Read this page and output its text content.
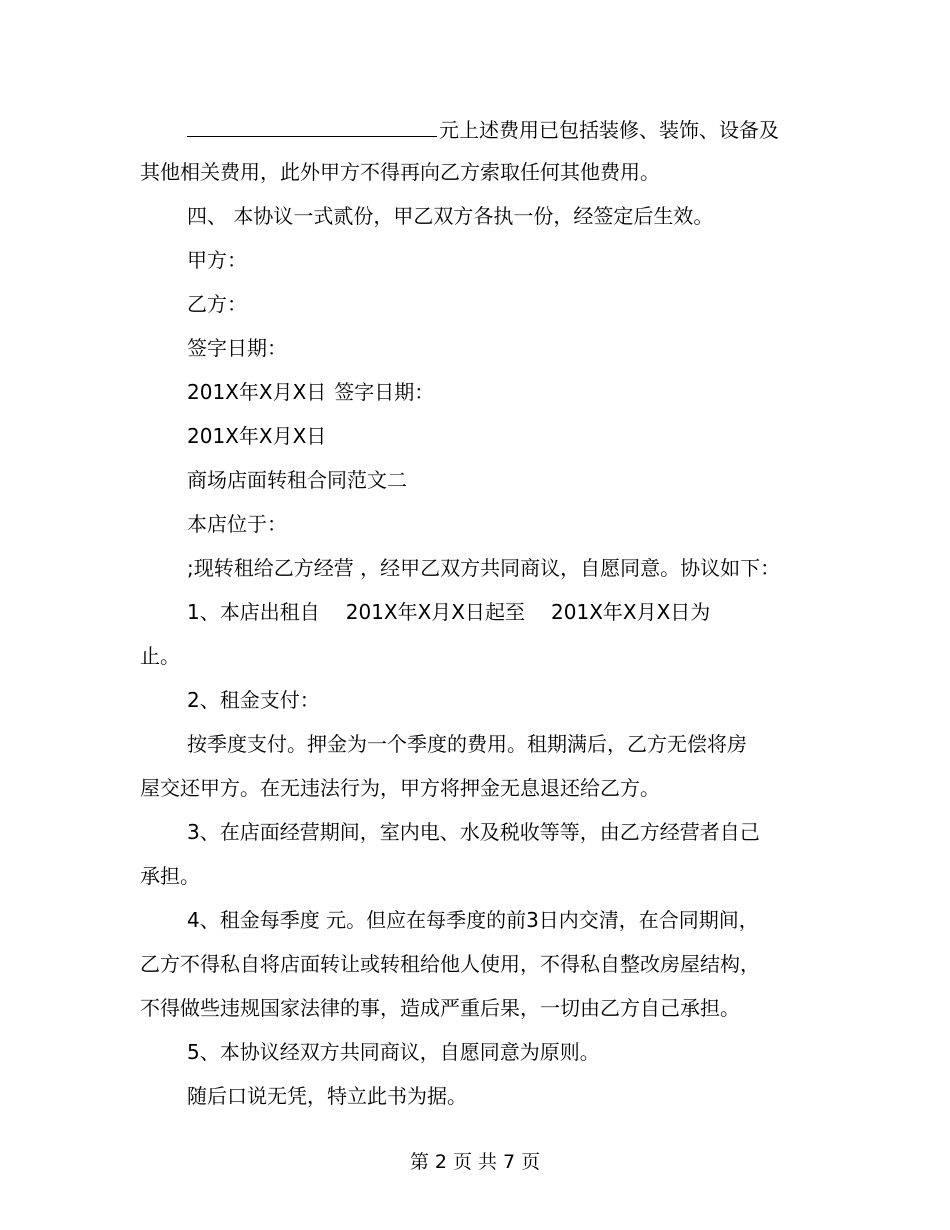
元上述费用已包括装修、装饰、设备及
其他相关费用，此外甲方不得再向乙方索取任何其他费用。
四、 本协议一式贰份，甲乙双方各执一份，经签定后生效。
甲方：
乙方：
签字日期：
201X年X月X日 签字日期：
201X年X月X日
商场店面转租合同范文二
本店位于：
;现转租给乙方经营 ，经甲乙双方共同商议，自愿同意。协议如下：
1、本店出租自 201X年X月X日起至 201X年X月X日为
止。
2、租金支付：
按季度支付。押金为一个季度的费用。租期满后，乙方无偿将房
屋交还甲方。在无违法行为，甲方将押金无息退还给乙方。
3、在店面经营期间，室内电、水及税收等等，由乙方经营者自己
承担。
4、租金每季度 元。但应在每季度的前3日内交清，在合同期间，
乙方不得私自将店面转让或转租给他人使用，不得私自整改房屋结构，
不得做些违规国家法律的事，造成严重后果，一切由乙方自己承担。
5、本协议经双方共同商议，自愿同意为原则。
随后口说无凭，特立此书为据。
第 2 页 共 7 页
